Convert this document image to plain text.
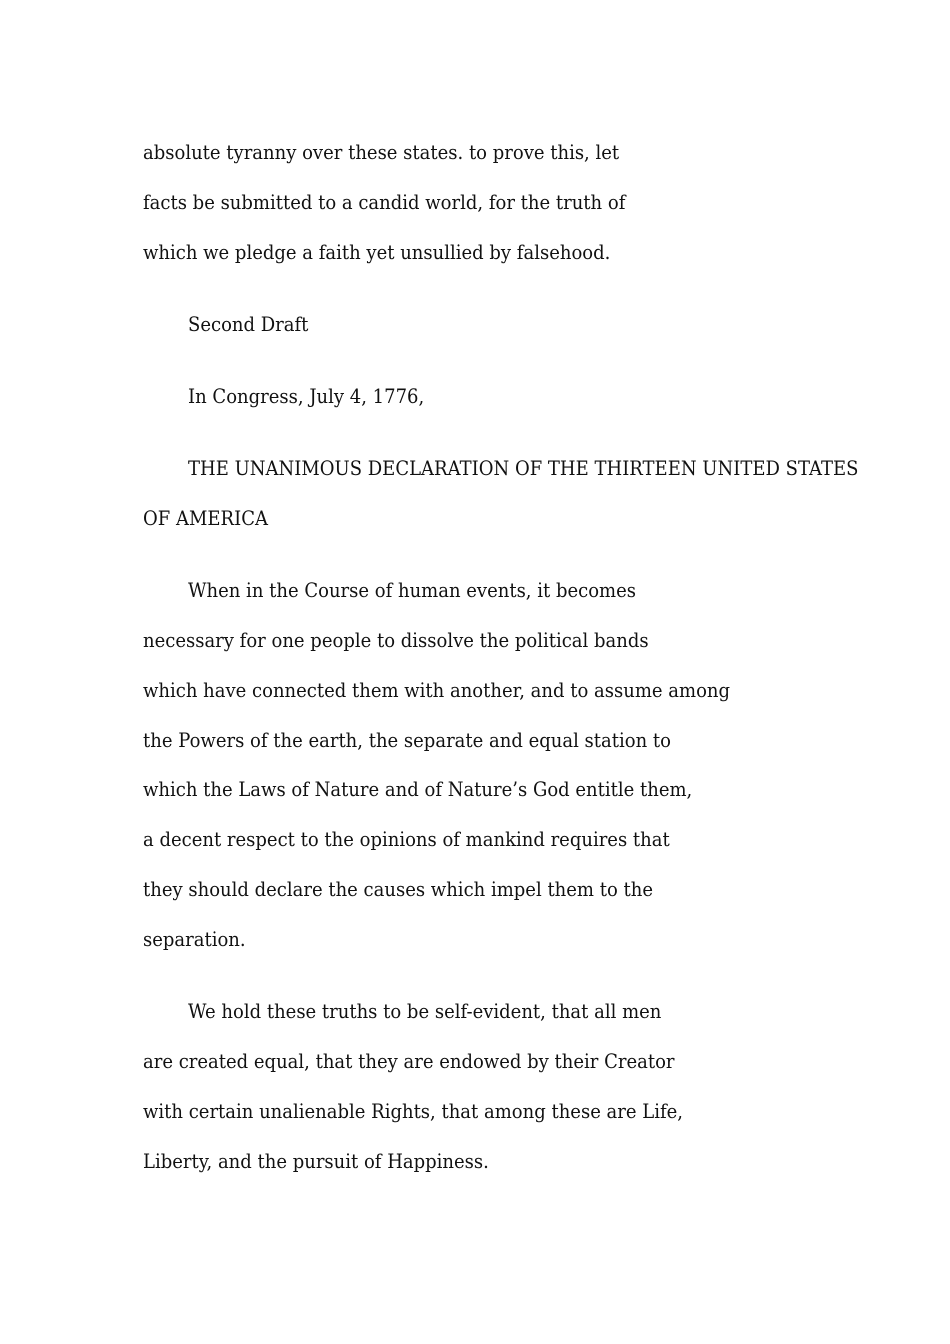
absolute tyranny over these states. to prove this, let
facts be submitted to a candid world, for the truth of
which we pledge a faith yet unsullied by falsehood.
Second Draft
In Congress, July 4, 1776,
THE UNANIMOUS DECLARATION OF THE THIRTEEN UNITED STATES
OF AMERICA
When in the Course of human events, it becomes
necessary for one people to dissolve the political bands
which have connected them with another, and to assume among
the Powers of the earth, the separate and equal station to
which the Laws of Nature and of Nature’s God entitle them,
a decent respect to the opinions of mankind requires that
they should declare the causes which impel them to the
separation.
We hold these truths to be self-evident, that all men
are created equal, that they are endowed by their Creator
with certain unalienable Rights, that among these are Life,
Liberty, and the pursuit of Happiness.
